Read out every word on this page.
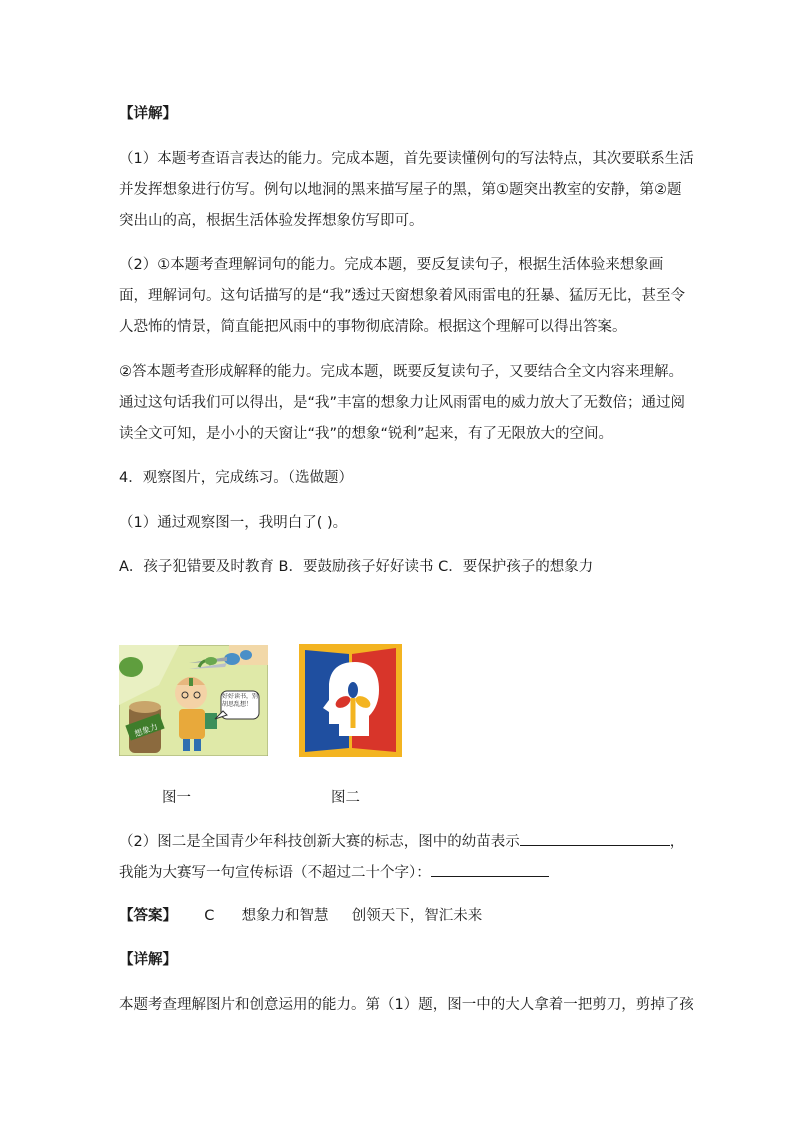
【详解】
（1）本题考查语言表达的能力。完成本题，首先要读懂例句的写法特点，其次要联系生活
并发挥想象进行仿写。例句以地洞的黑来描写屋子的黑，第①题突出教室的安静，第②题
突出山的高，根据生活体验发挥想象仿写即可。
（2）①本题考查理解词句的能力。完成本题，要反复读句子，根据生活体验来想象画
面，理解词句。这句话描写的是“我”透过天窗想象着风雨雷电的狂暴、猛厉无比，甚至令
人恐怖的情景，简直能把风雨中的事物彻底清除。根据这个理解可以得出答案。
②答本题考查形成解释的能力。完成本题，既要反复读句子，又要结合全文内容来理解。
通过这句话我们可以得出，是“我”丰富的想象力让风雨雷电的威力放大了无数倍；通过阅
读全文可知，是小小的天窗让“我”的想象“锐利”起来，有了无限放大的空间。
4．观察图片，完成练习。（选做题）
（1）通过观察图一，我明白了( )。
A．孩子犯错要及时教育 B．要鼓励孩子好好读书 C．要保护孩子的想象力
想象力
好好读书，别胡思乱想！
图一	图二
（2）图二是全国青少年科技创新大赛的标志，图中的幼苗表示	，
我能为大赛写一句宣传标语（不超过二十个字）：
【答案】 C 想象力和智慧 创领天下，智汇未来
【详解】
本题考查理解图片和创意运用的能力。第（1）题，图一中的大人拿着一把剪刀，剪掉了孩
